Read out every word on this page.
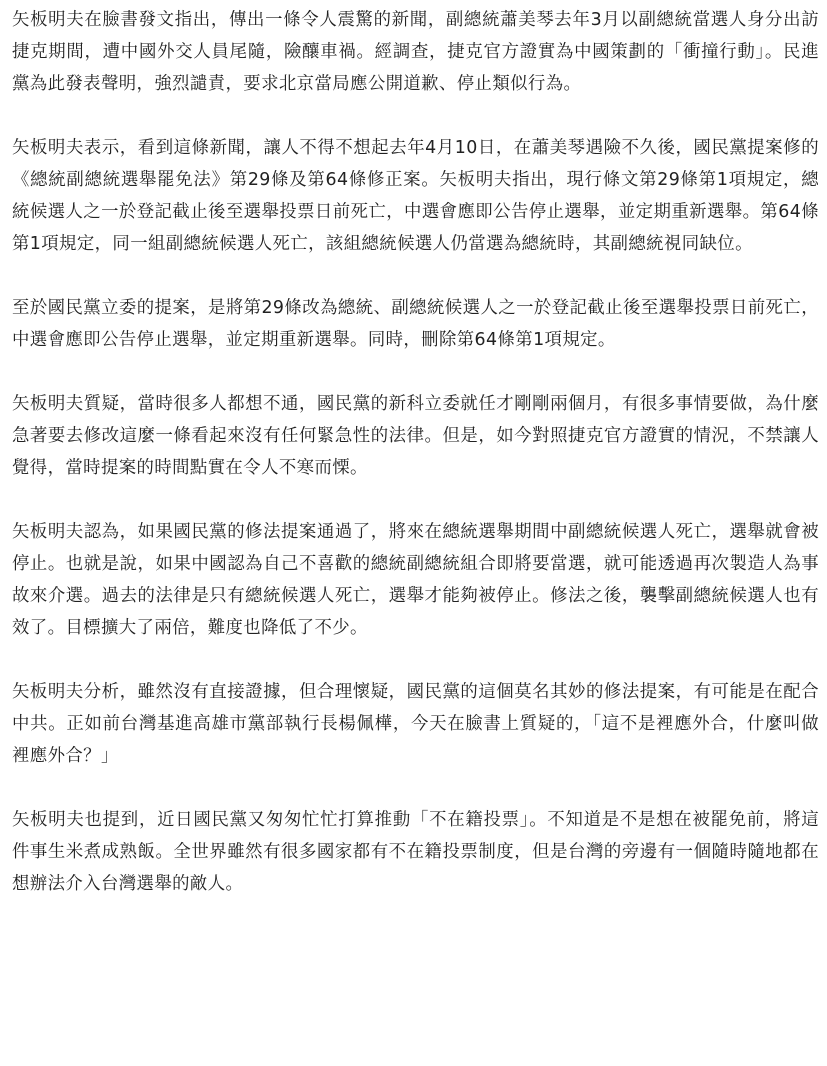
矢板明夫在臉書發文指出，傳出一條令人震驚的新聞，副總統蕭美琴去年3月以副總統當選人身分出訪捷克期間，遭中國外交人員尾隨，險釀車禍。經調查，捷克官方證實為中國策劃的「衝撞行動」。民進黨為此發表聲明，強烈譴責，要求北京當局應公開道歉、停止類似行為。

矢板明夫表示，看到這條新聞，讓人不得不想起去年4月10日，在蕭美琴遇險不久後，國民黨提案修的《總統副總統選舉罷免法》第29條及第64條修正案。矢板明夫指出，現行條文第29條第1項規定，總統候選人之一於登記截止後至選舉投票日前死亡，中選會應即公告停止選舉，並定期重新選舉。第64條第1項規定，同一組副總統候選人死亡，該組總統候選人仍當選為總統時，其副總統視同缺位。

至於國民黨立委的提案，是將第29條改為總統、副總統候選人之一於登記截止後至選舉投票日前死亡，中選會應即公告停止選舉，並定期重新選舉。同時，刪除第64條第1項規定。

矢板明夫質疑，當時很多人都想不通，國民黨的新科立委就任才剛剛兩個月，有很多事情要做，為什麼急著要去修改這麼一條看起來沒有任何緊急性的法律。但是，如今對照捷克官方證實的情況，不禁讓人覺得，當時提案的時間點實在令人不寒而慄。

矢板明夫認為，如果國民黨的修法提案通過了，將來在總統選舉期間中副總統候選人死亡，選舉就會被停止。也就是說，如果中國認為自己不喜歡的總統副總統組合即將要當選，就可能透過再次製造人為事故來介選。過去的法律是只有總統候選人死亡，選舉才能夠被停止。修法之後，襲擊副總統候選人也有效了。目標擴大了兩倍，難度也降低了不少。

矢板明夫分析，雖然沒有直接證據，但合理懷疑，國民黨的這個莫名其妙的修法提案，有可能是在配合中共。正如前台灣基進高雄市黨部執行長楊佩樺，今天在臉書上質疑的，「這不是裡應外合，什麼叫做裡應外合？」

矢板明夫也提到，近日國民黨又匆匆忙忙打算推動「不在籍投票」。不知道是不是想在被罷免前，將這件事生米煮成熟飯。全世界雖然有很多國家都有不在籍投票制度，但是台灣的旁邊有一個隨時隨地都在想辦法介入台灣選舉的敵人。
